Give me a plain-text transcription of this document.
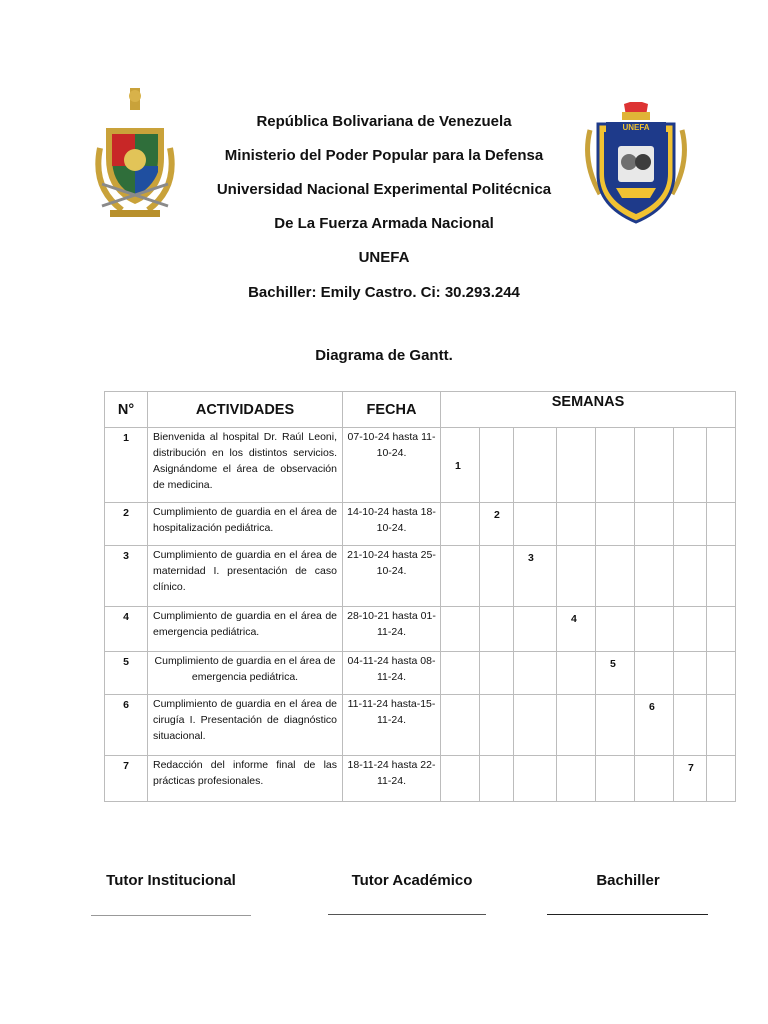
UNEFA
República Bolivariana de Venezuela
Ministerio del Poder Popular para la Defensa
Universidad Nacional Experimental Politécnica
De La Fuerza Armada Nacional
UNEFA
Bachiller: Emily Castro. Ci: 30.293.244
Diagrama de Gantt.
N°	ACTIVIDADES	FECHA	SEMANAS							
1	Bienvenida al hospital Dr. Raúl Leoni, distribución en los distintos servicios. Asignándome el área de observación de medicina.	07-10-24 hasta 11-10-24.	1							

2	Cumplimiento de guardia en el área de hospitalización pediátrica.	14-10-24 hasta 18-10-24.		2						

3	Cumplimiento de guardia en el área de maternidad I. presentación de caso clínico.	21-10-24 hasta 25-10-24.			3					

4	Cumplimiento de guardia en el área de emergencia pediátrica.	28-10-21 hasta 01-11-24.				4				

5	Cumplimiento de guardia en el área de emergencia pediátrica.	04-11-24 hasta 08-11-24.					5			

6	Cumplimiento de guardia en el área de cirugía I. Presentación de diagnóstico situacional.	11-11-24 hasta-15-11-24.						6		

7	Redacción del informe final de las prácticas profesionales.	18-11-24 hasta 22-11-24.							7	

Tutor Institucional	Tutor Académico	Bachiller
